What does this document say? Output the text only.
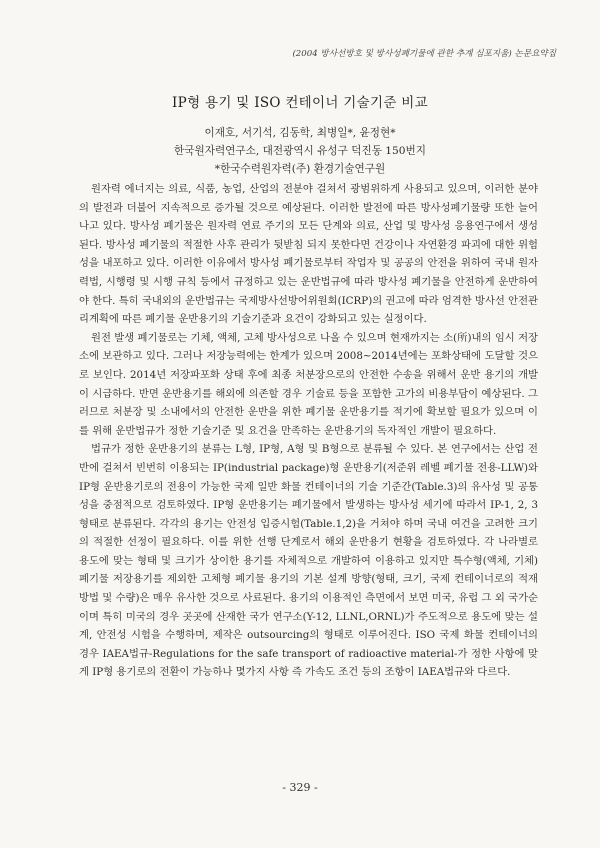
(2004 방사선방호 및 방사성폐기물에 관한 추계 심포지움) 논문요약집
IP형 용기 및 ISO 컨테이너 기술기준 비교
이재호, 서기석, 김동학, 최병일*, 윤정현*
한국원자력연구소, 대전광역시 유성구 덕진동 150번지
*한국수력원자력(주) 환경기술연구원

원자력 에너지는 의료, 식품, 농업, 산업의 전분야 걸쳐서 광범위하게 사용되고 있으며, 이러한 분야의 발전과 더불어 지속적으로 증가될 것으로 예상된다. 이러한 발전에 따른 방사성폐기물량 또한 늘어나고 있다. 방사성 폐기물은 원자력 연료 주기의 모든 단계와 의료, 산업 및 방사성 응용연구에서 생성된다. 방사성 폐기물의 적절한 사후 관리가 뒷받침 되지 못한다면 건강이나 자연환경 파괴에 대한 위험성을 내포하고 있다. 이러한 이유에서 방사성 폐기물로부터 작업자 및 공공의 안전을 위하여 국내 원자력법, 시행령 및 시행 규칙 등에서 규정하고 있는 운반법규에 따라 방사성 폐기물을 안전하게 운반하여야 한다. 특히 국내외의 운반법규는 국제방사선방어위원회(ICRP)의 권고에 따라 엄격한 방사선 안전관리계획에 따른 폐기물 운반용기의 기술기준과 요건이 강화되고 있는 실정이다.

원전 발생 폐기물로는 기체, 액체, 고체 방사성으로 나올 수 있으며 현재까지는 소(所)내의 임시 저장소에 보관하고 있다. 그러나 저장능력에는 한계가 있으며 2008~2014년에는 포화상태에 도달할 것으로 보인다. 2014년 저장파포화 상태 후에 최종 처분장으로의 안전한 수송을 위해서 운반 용기의 개발이 시급하다. 반면 운반용기를 해외에 의존할 경우 기술료 등을 포함한 고가의 비용부담이 예상된다. 그러므로 처분장 및 소내에서의 안전한 운반을 위한 폐기물 운반용기를 적기에 확보할 필요가 있으며 이를 위해 운반법규가 정한 기술기준 및 요건을 만족하는 운반용기의 독자적인 개발이 필요하다.

법규가 정한 운반용기의 분류는 L형, IP형, A형 및 B형으로 분류될 수 있다. 본 연구에서는 산업 전반에 걸쳐서 빈번히 이용되는 IP(industrial package)형 운반용기(저준위 레벨 폐기물 전용-LLW)와 IP형 운반용기로의 전용이 가능한 국제 일반 화물 컨테이너의 기술 기준간(Table.3)의 유사성 및 공통성을 중점적으로 검토하였다. IP형 운반용기는 폐기물에서 발생하는 방사성 세기에 따라서 IP-1, 2, 3형태로 분류된다. 각각의 용기는 안전성 입증시험(Table.1,2)을 거쳐야 하며 국내 여건을 고려한 크기의 적절한 선정이 필요하다. 이를 위한 선행 단계로서 해외 운반용기 현황을 검토하였다. 각 나라별로 용도에 맞는 형태 및 크기가 상이한 용기를 자체적으로 개발하여 이용하고 있지만 특수형(액체, 기체) 폐기물 저장용기를 제외한 고체형 폐기물 용기의 기본 설계 방향(형태, 크기, 국제 컨테이너로의 적재 방법 및 수량)은 매우 유사한 것으로 사료된다. 용기의 이용적인 측면에서 보면 미국, 유럽 그 외 국가순이며 특히 미국의 경우 곳곳에 산재한 국가 연구소(Y-12, LLNL,ORNL)가 주도적으로 용도에 맞는 설계, 안전성 시험을 수행하며, 제작은 outsourcing의 형태로 이루어진다. ISO 국제 화물 컨테이너의 경우 IAEA법규-Regulations for the safe transport of radioactive material-가 정한 사항에 맞게 IP형 용기로의 전환이 가능하나 몇가지 사항 즉 가속도 조건 등의 조항이 IAEA법규와 다르다.

- 329 -
